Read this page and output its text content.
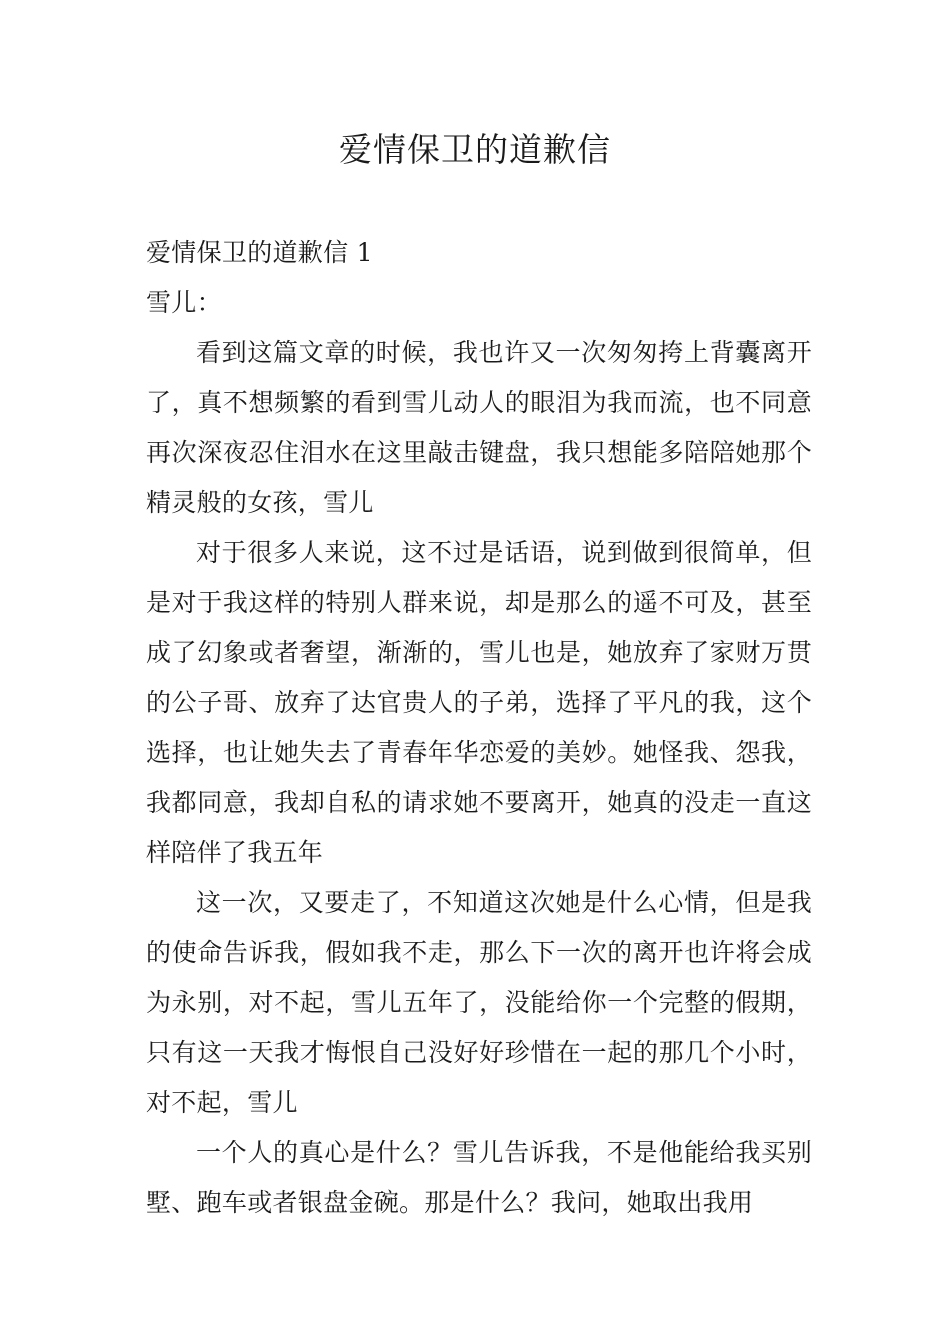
爱情保卫的道歉信

爱情保卫的道歉信 1

雪儿：

看到这篇文章的时候，我也许又一次匆匆挎上背囊离开了，真不想频繁的看到雪儿动人的眼泪为我而流，也不同意再次深夜忍住泪水在这里敲击键盘，我只想能多陪陪她那个精灵般的女孩，雪儿

对于很多人来说，这不过是话语，说到做到很简单，但是对于我这样的特别人群来说，却是那么的遥不可及，甚至成了幻象或者奢望，渐渐的，雪儿也是，她放弃了家财万贯的公子哥、放弃了达官贵人的子弟，选择了平凡的我，这个选择，也让她失去了青春年华恋爱的美妙。她怪我、怨我，我都同意，我却自私的请求她不要离开，她真的没走一直这样陪伴了我五年

这一次，又要走了，不知道这次她是什么心情，但是我的使命告诉我，假如我不走，那么下一次的离开也许将会成为永别，对不起，雪儿五年了，没能给你一个完整的假期，只有这一天我才悔恨自己没好好珍惜在一起的那几个小时，对不起，雪儿

一个人的真心是什么？雪儿告诉我，不是他能给我买别墅、跑车或者银盘金碗。那是什么？我问，她取出我用
